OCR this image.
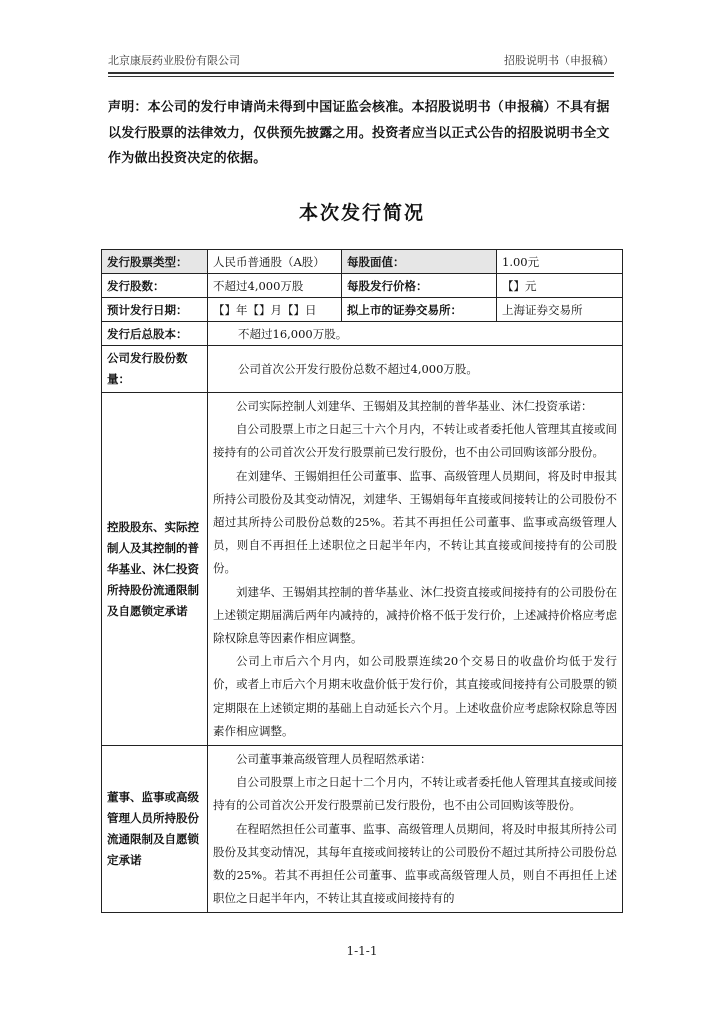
北京康辰药业股份有限公司	招股说明书（申报稿）
声明：本公司的发行申请尚未得到中国证监会核准。本招股说明书（申报稿）不具有据以发行股票的法律效力，仅供预先披露之用。投资者应当以正式公告的招股说明书全文作为做出投资决定的依据。
本次发行简况
发行股票类型：	人民币普通股（A股）	每股面值：	1.00元
发行股数：	不超过4,000万股	每股发行价格：	【】元
预计发行日期：	【】年【】月【】日	拟上市的证券交易所：	上海证券交易所
发行后总股本：	不超过16,000万股。		
公司发行股份数量：	公司首次公开发行股份总数不超过4,000万股。		
控股股东、实际控制人及其控制的普华基业、沐仁投资所持股份流通限制及自愿锁定承诺	公司实际控制人刘建华、王锡娟及其控制的普华基业、沐仁投资承诺：
自公司股票上市之日起三十六个月内，不转让或者委托他人管理其直接或间接持有的公司首次公开发行股票前已发行股份，也不由公司回购该部分股份。
在刘建华、王锡娟担任公司董事、监事、高级管理人员期间，将及时申报其所持公司股份及其变动情况，刘建华、王锡娟每年直接或间接转让的公司股份不超过其所持公司股份总数的25%。若其不再担任公司董事、监事或高级管理人员，则自不再担任上述职位之日起半年内，不转让其直接或间接持有的公司股份。
刘建华、王锡娟其控制的普华基业、沐仁投资直接或间接持有的公司股份在上述锁定期届满后两年内减持的，减持价格不低于发行价，上述减持价格应考虑除权除息等因素作相应调整。
公司上市后六个月内，如公司股票连续20个交易日的收盘价均低于发行价，或者上市后六个月期末收盘价低于发行价，其直接或间接持有公司股票的锁定期限在上述锁定期的基础上自动延长六个月。上述收盘价应考虑除权除息等因素作相应调整。		

董事、监事或高级管理人员所持股份流通限制及自愿锁定承诺	公司董事兼高级管理人员程昭然承诺：
自公司股票上市之日起十二个月内，不转让或者委托他人管理其直接或间接持有的公司首次公开发行股票前已发行股份，也不由公司回购该等股份。
在程昭然担任公司董事、监事、高级管理人员期间，将及时申报其所持公司股份及其变动情况，其每年直接或间接转让的公司股份不超过其所持公司股份总数的25%。若其不再担任公司董事、监事或高级管理人员，则自不再担任上述职位之日起半年内，不转让其直接或间接持有的		
1-1-1
